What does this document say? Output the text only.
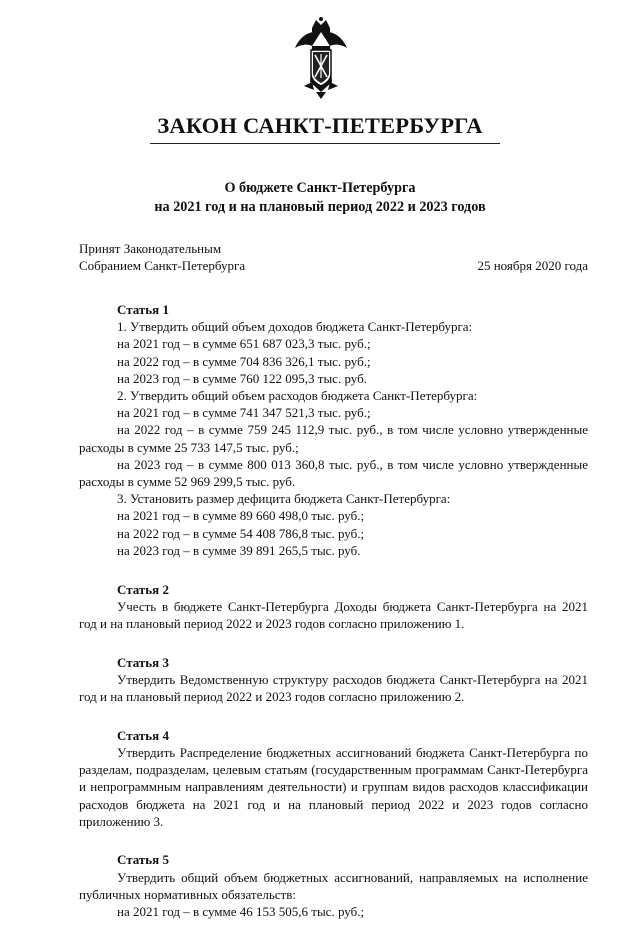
ЗАКОН САНКТ-ПЕТЕРБУРГА
О бюджете Санкт-Петербурга
на 2021 год и на плановый период 2022 и 2023 годов
Принят Законодательным
Собранием Санкт-Петербурга	25 ноября 2020 года
Статья 1
1. Утвердить общий объем доходов бюджета Санкт-Петербурга:
на 2021 год – в сумме 651 687 023,3 тыс. руб.;
на 2022 год – в сумме 704 836 326,1 тыс. руб.;
на 2023 год – в сумме 760 122 095,3 тыс. руб.
2. Утвердить общий объем расходов бюджета Санкт-Петербурга:
на 2021 год – в сумме 741 347 521,3 тыс. руб.;
на 2022 год – в сумме 759 245 112,9 тыс. руб., в том числе условно утвержденные расходы в сумме 25 733 147,5 тыс. руб.;
на 2023 год – в сумме 800 013 360,8 тыс. руб., в том числе условно утвержденные расходы в сумме 52 969 299,5 тыс. руб.
3. Установить размер дефицита бюджета Санкт-Петербурга:
на 2021 год – в сумме 89 660 498,0 тыс. руб.;
на 2022 год – в сумме 54 408 786,8 тыс. руб.;
на 2023 год – в сумме 39 891 265,5 тыс. руб.
Статья 2
Учесть в бюджете Санкт-Петербурга Доходы бюджета Санкт-Петербурга на 2021 год и на плановый период 2022 и 2023 годов согласно приложению 1.
Статья 3
Утвердить Ведомственную структуру расходов бюджета Санкт-Петербурга на 2021 год и на плановый период 2022 и 2023 годов согласно приложению 2.
Статья 4
Утвердить Распределение бюджетных ассигнований бюджета Санкт-Петербурга по разделам, подразделам, целевым статьям (государственным программам Санкт-Петербурга и непрограммным направлениям деятельности) и группам видов расходов классификации расходов бюджета на 2021 год и на плановый период 2022 и 2023 годов согласно приложению 3.
Статья 5
Утвердить общий объем бюджетных ассигнований, направляемых на исполнение публичных нормативных обязательств:
на 2021 год – в сумме 46 153 505,6 тыс. руб.;
